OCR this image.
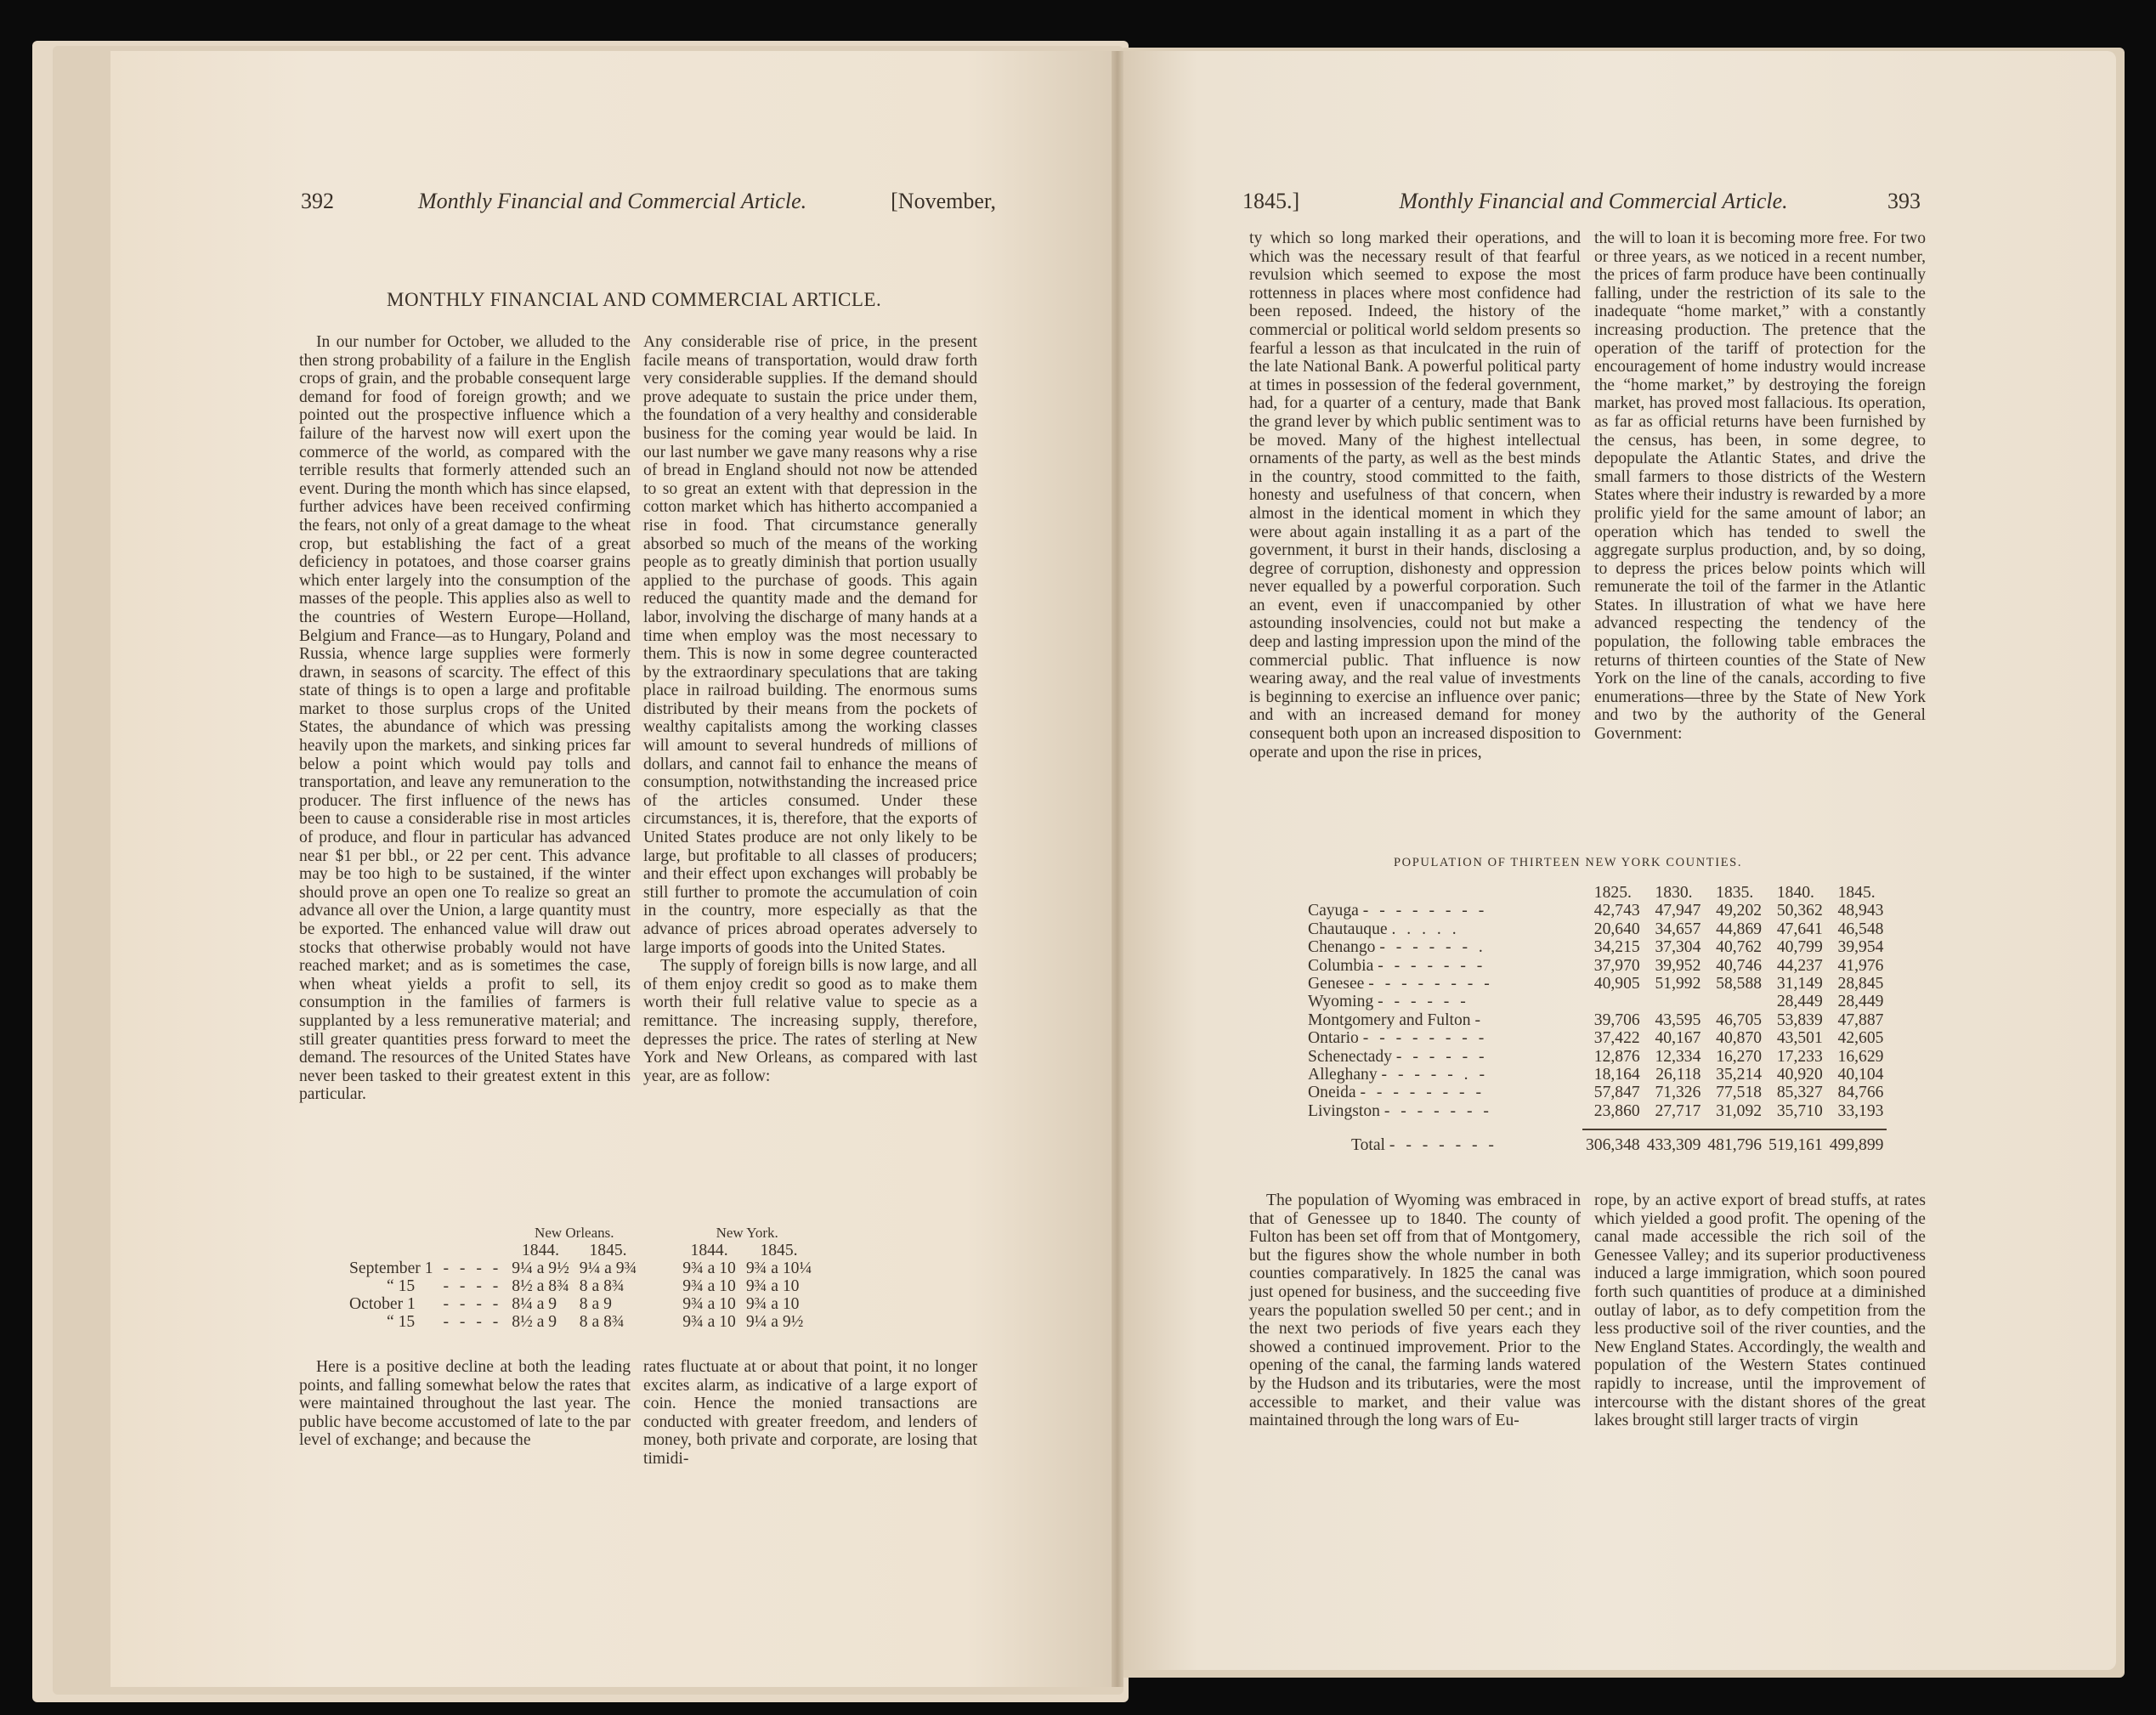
392	Monthly Financial and Commercial Article.	[November,
MONTHLY FINANCIAL AND COMMERCIAL ARTICLE.

In our number for October, we alluded to the then strong probability of a failure in the English crops of grain, and the probable consequent large demand for food of foreign growth; and we pointed out the prospective influence which a failure of the harvest now will exert upon the commerce of the world, as compared with the terrible results that formerly attended such an event. During the month which has since elapsed, further advices have been received confirming the fears, not only of a great damage to the wheat crop, but establishing the fact of a great deficiency in potatoes, and those coarser grains which enter largely into the consumption of the masses of the people. This applies also as well to the countries of Western Europe—Holland, Belgium and France—as to Hungary, Poland and Russia, whence large supplies were formerly drawn, in seasons of scarcity. The effect of this state of things is to open a large and profitable market to those surplus crops of the United States, the abundance of which was pressing heavily upon the markets, and sinking prices far below a point which would pay tolls and transportation, and leave any remuneration to the producer. The first influence of the news has been to cause a considerable rise in most articles of produce, and flour in particular has advanced near $1 per bbl., or 22 per cent. This advance may be too high to be sustained, if the winter should prove an open one To realize so great an advance all over the Union, a large quantity must be exported. The enhanced value will draw out stocks that otherwise probably would not have reached market; and as is sometimes the case, when wheat yields a profit to sell, its consumption in the families of farmers is supplanted by a less remunerative material; and still greater quantities press forward to meet the demand. The resources of the United States have never been tasked to their greatest extent in this particular.

Any considerable rise of price, in the present facile means of transportation, would draw forth very considerable supplies. If the demand should prove adequate to sustain the price under them, the foundation of a very healthy and considerable business for the coming year would be laid. In our last number we gave many reasons why a rise of bread in England should not now be attended to so great an extent with that depression in the cotton market which has hitherto accompanied a rise in food. That circumstance generally absorbed so much of the means of the working people as to greatly diminish that portion usually applied to the purchase of goods. This again reduced the quantity made and the demand for labor, involving the discharge of many hands at a time when employ was the most necessary to them. This is now in some degree counteracted by the extraordinary speculations that are taking place in railroad building. The enormous sums distributed by their means from the pockets of wealthy capitalists among the working classes will amount to several hundreds of millions of dollars, and cannot fail to enhance the means of consumption, notwithstanding the increased price of the articles consumed. Under these circumstances, it is, therefore, that the exports of United States produce are not only likely to be large, but profitable to all classes of producers; and their effect upon exchanges will probably be still further to promote the accumulation of coin in the country, more especially as that the advance of prices abroad operates adversely to large imports of goods into the United States.

The supply of foreign bills is now large, and all of them enjoy credit so good as to make them worth their full relative value to specie as a remittance. The increasing supply, therefore, depresses the price. The rates of sterling at New York and New Orleans, as compared with last year, are as follow:

		New Orleans.			New York.	
		1844.	1845.		1844.	1845.
September 1	- - - -	9¼ a 9½	9¼ a 9¾		9¾ a 10	9¾ a 10¼
“ 15	- - - -	8½ a 8¾	8 a 8¾		9¾ a 10	9¾ a 10
October 1	- - - -	8¼ a 9	8 a 9		9¾ a 10	9¾ a 10
“ 15	- - - -	8½ a 9	8 a 8¾		9¾ a 10	9¼ a 9½

Here is a positive decline at both the leading points, and falling somewhat below the rates that were maintained throughout the last year. The public have become accustomed of late to the par level of exchange; and because the

rates fluctuate at or about that point, it no longer excites alarm, as indicative of a large export of coin. Hence the monied transactions are conducted with greater freedom, and lenders of money, both private and corporate, are losing that timidi-

1845.]	Monthly Financial and Commercial Article.	393

ty which so long marked their operations, and which was the necessary result of that fearful revulsion which seemed to expose the most rottenness in places where most confidence had been reposed. Indeed, the history of the commercial or political world seldom presents so fearful a lesson as that inculcated in the ruin of the late National Bank. A powerful political party at times in possession of the federal government, had, for a quarter of a century, made that Bank the grand lever by which public sentiment was to be moved. Many of the highest intellectual ornaments of the party, as well as the best minds in the country, stood committed to the faith, honesty and usefulness of that concern, when almost in the identical moment in which they were about again installing it as a part of the government, it burst in their hands, disclosing a degree of corruption, dishonesty and oppression never equalled by a powerful corporation. Such an event, even if unaccompanied by other astounding insolvencies, could not but make a deep and lasting impression upon the mind of the commercial public. That influence is now wearing away, and the real value of investments is beginning to exercise an influence over panic; and with an increased demand for money consequent both upon an increased disposition to operate and upon the rise in prices,

the will to loan it is becoming more free. For two or three years, as we noticed in a recent number, the prices of farm produce have been continually falling, under the restriction of its sale to the inadequate “home market,” with a constantly increasing production. The pretence that the operation of the tariff of protection for the encouragement of home industry would increase the “home market,” by destroying the foreign market, has proved most fallacious. Its operation, as far as official returns have been furnished by the census, has been, in some degree, to depopulate the Atlantic States, and drive the small farmers to those districts of the Western States where their industry is rewarded by a more prolific yield for the same amount of labor; an operation which has tended to swell the aggregate surplus production, and, by so doing, to depress the prices below points which will remunerate the toil of the farmer in the Atlantic States. In illustration of what we have here advanced respecting the tendency of the population, the following table embraces the returns of thirteen counties of the State of New York on the line of the canals, according to five enumerations—three by the State of New York and two by the authority of the General Government:

POPULATION OF THIRTEEN NEW YORK COUNTIES.
	1825.	1830.	1835.	1840.	1845.
Cayuga - - - - - - - -	42,743	47,947	49,202	50,362	48,943
Chautauque . . . . .	20,640	34,657	44,869	47,641	46,548
Chenango - - - - - - .	34,215	37,304	40,762	40,799	39,954
Columbia - - - - - - -	37,970	39,952	40,746	44,237	41,976
Genesee - - - - - - - -	40,905	51,992	58,588	31,149	28,845
Wyoming - - - - - -				28,449	28,449
Montgomery and Fulton -	39,706	43,595	46,705	53,839	47,887
Ontario - - - - - - - -	37,422	40,167	40,870	43,501	42,605
Schenectady - - - - - -	12,876	12,334	16,270	17,233	16,629
Alleghany - - - - - . -	18,164	26,118	35,214	40,920	40,104
Oneida - - - - - - - -	57,847	71,326	77,518	85,327	84,766
Livingston - - - - - - -	23,860	27,717	31,092	35,710	33,193

Total - - - - - - -	306,348	433,309	481,796	519,161	499,899

The population of Wyoming was embraced in that of Genessee up to 1840. The county of Fulton has been set off from that of Montgomery, but the figures show the whole number in both counties comparatively. In 1825 the canal was just opened for business, and the succeeding five years the population swelled 50 per cent.; and in the next two periods of five years each they showed a continued improvement. Prior to the opening of the canal, the farming lands watered by the Hudson and its tributaries, were the most accessible to market, and their value was maintained through the long wars of Eu-

rope, by an active export of bread stuffs, at rates which yielded a good profit. The opening of the canal made accessible the rich soil of the Genessee Valley; and its superior productiveness induced a large immigration, which soon poured forth such quantities of produce at a diminished outlay of labor, as to defy competition from the less productive soil of the river counties, and the New England States. Accordingly, the wealth and population of the Western States continued rapidly to increase, until the improvement of intercourse with the distant shores of the great lakes brought still larger tracts of virgin
